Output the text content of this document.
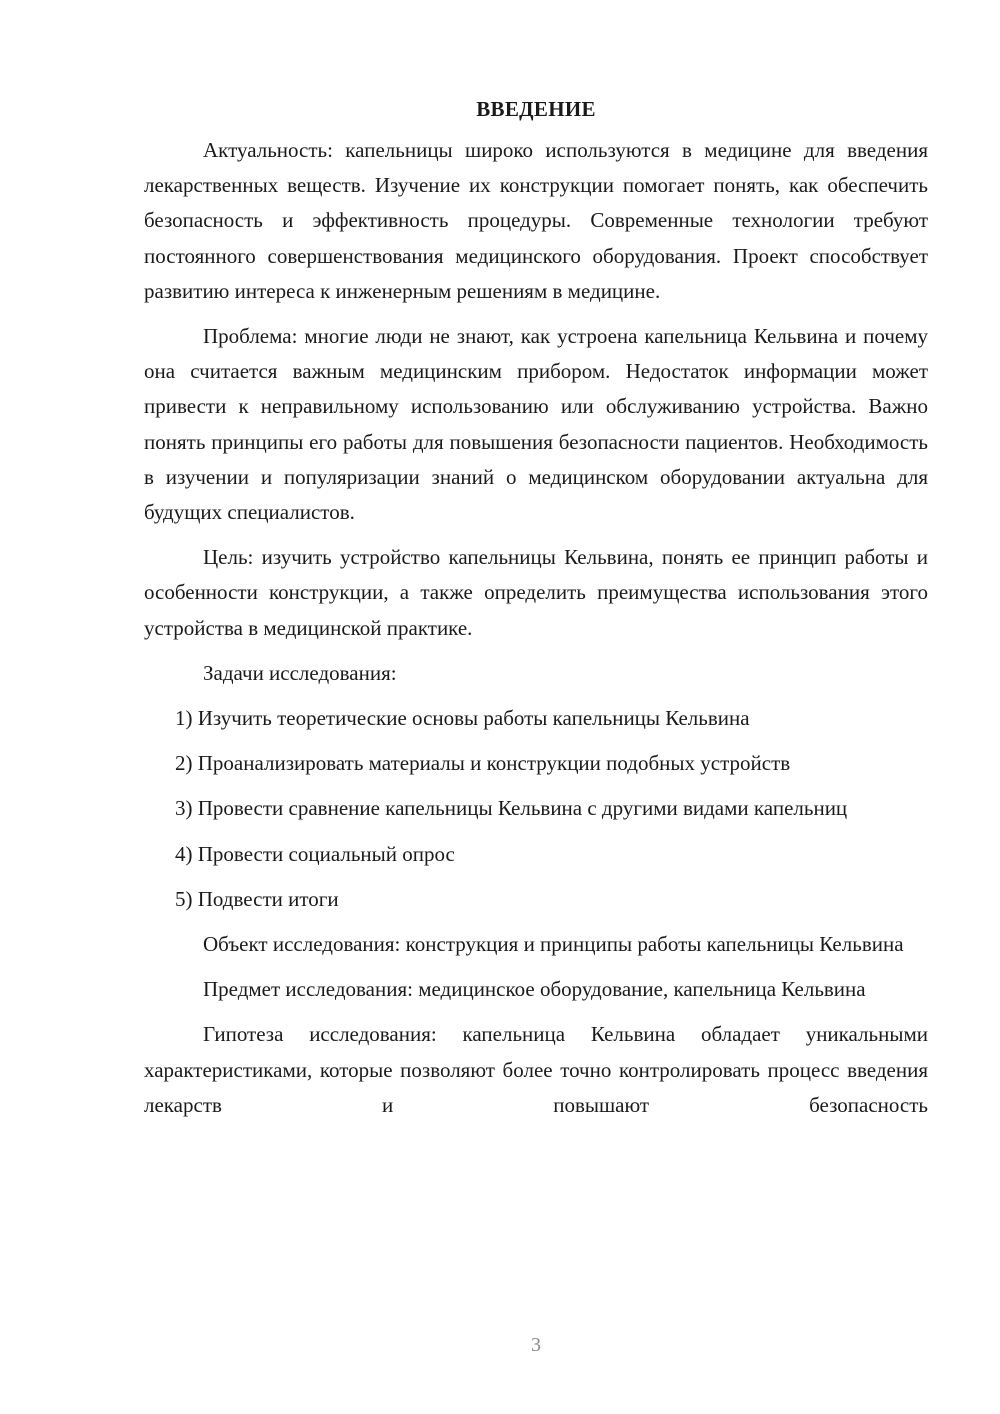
ВВЕДЕНИЕ

Актуальность: капельницы широко используются в медицине для введения лекарственных веществ. Изучение их конструкции помогает понять, как обеспечить безопасность и эффективность процедуры. Современные технологии требуют постоянного совершенствования медицинского оборудования. Проект способствует развитию интереса к инженерным решениям в медицине.

Проблема: многие люди не знают, как устроена капельница Кельвина и почему она считается важным медицинским прибором. Недостаток информации может привести к неправильному использованию или обслуживанию устройства. Важно понять принципы его работы для повышения безопасности пациентов. Необходимость в изучении и популяризации знаний о медицинском оборудовании актуальна для будущих специалистов.

Цель: изучить устройство капельницы Кельвина, понять ее принцип работы и особенности конструкции, а также определить преимущества использования этого устройства в медицинской практике.

Задачи исследования:

1) Изучить теоретические основы работы капельницы Кельвина

2) Проанализировать материалы и конструкции подобных устройств

3) Провести сравнение капельницы Кельвина с другими видами капельниц

4) Провести социальный опрос

5) Подвести итоги

Объект исследования: конструкция и принципы работы капельницы Кельвина

Предмет исследования: медицинское оборудование, капельница Кельвина

Гипотеза исследования: капельница Кельвина обладает уникальными характеристиками, которые позволяют более точно контролировать процесс введения лекарств и повышают безопасность

3
